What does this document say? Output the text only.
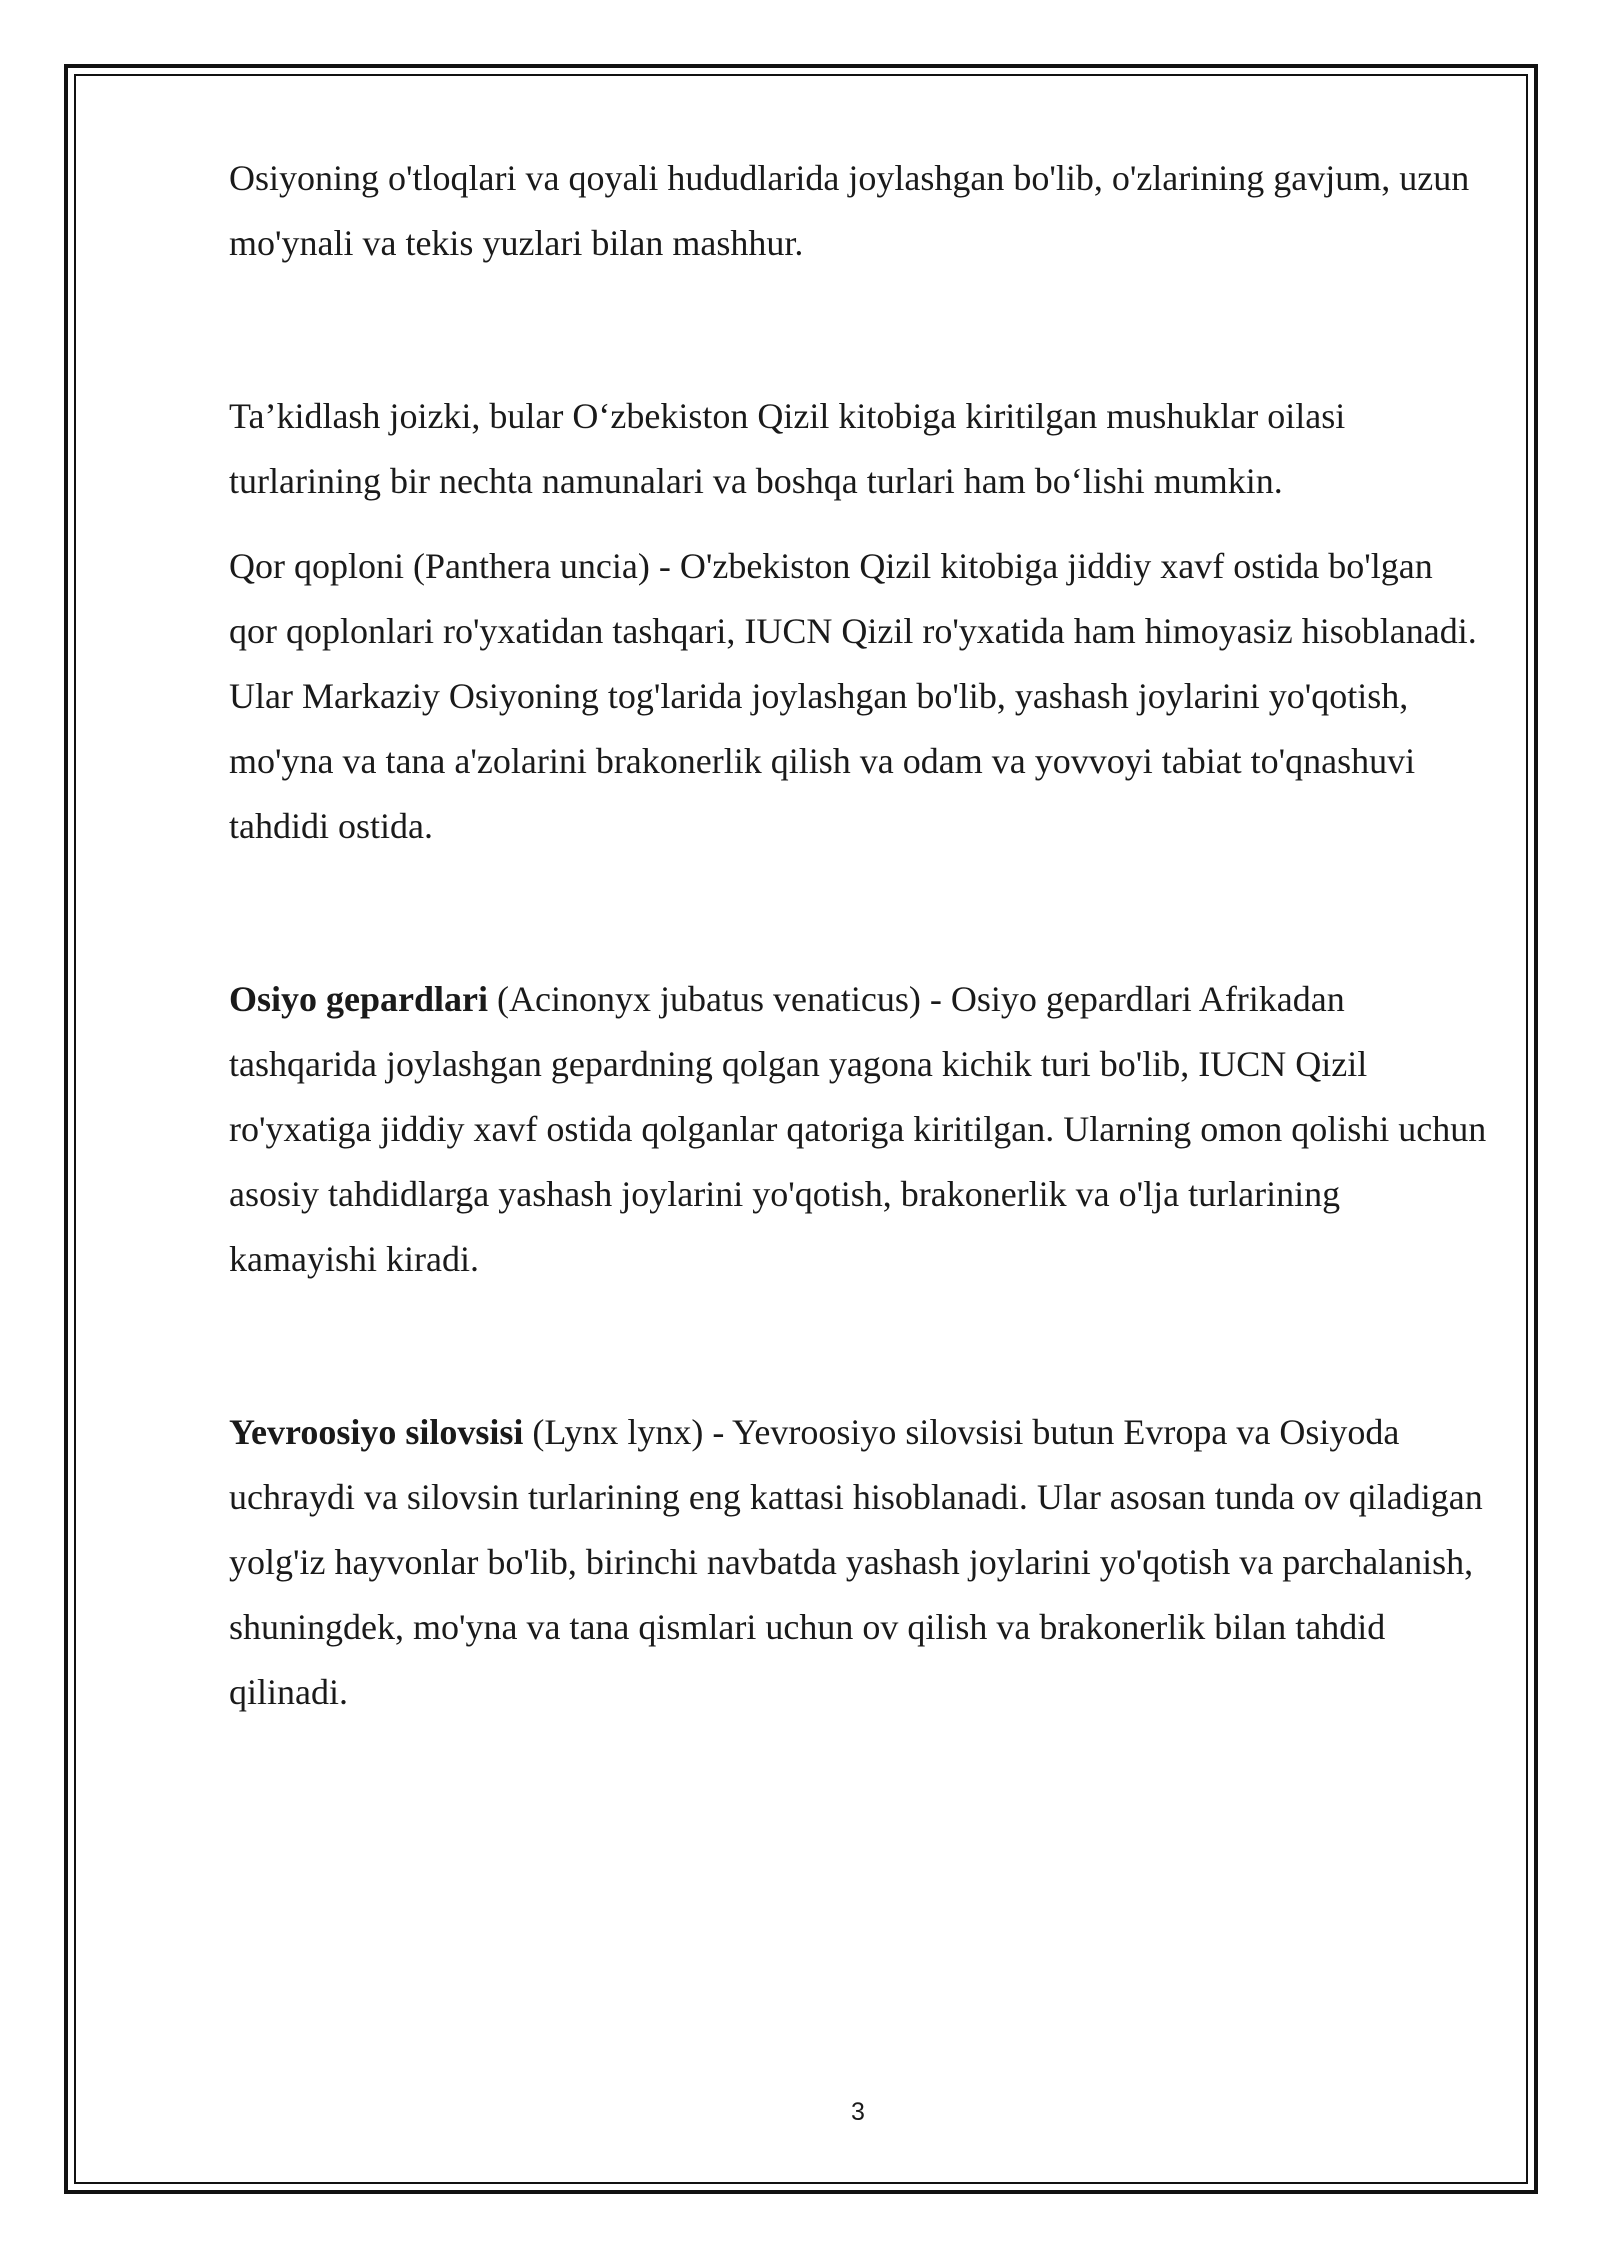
Osiyoning o'tloqlari va qoyali hududlarida joylashgan bo'lib, o'zlarining gavjum, uzun mo'ynali va tekis yuzlari bilan mashhur.

Ta’kidlash joizki, bular O‘zbekiston Qizil kitobiga kiritilgan mushuklar oilasi turlarining bir nechta namunalari va boshqa turlari ham bo‘lishi mumkin.

Qor qoploni (Panthera uncia) - O'zbekiston Qizil kitobiga jiddiy xavf ostida bo'lgan qor qoplonlari ro'yxatidan tashqari, IUCN Qizil ro'yxatida ham himoyasiz hisoblanadi. Ular Markaziy Osiyoning tog'larida joylashgan bo'lib, yashash joylarini yo'qotish, mo'yna va tana a'zolarini brakonerlik qilish va odam va yovvoyi tabiat to'qnashuvi tahdidi ostida.

Osiyo gepardlari (Acinonyx jubatus venaticus) - Osiyo gepardlari Afrikadan tashqarida joylashgan gepardning qolgan yagona kichik turi bo'lib, IUCN Qizil ro'yxatiga jiddiy xavf ostida qolganlar qatoriga kiritilgan. Ularning omon qolishi uchun asosiy tahdidlarga yashash joylarini yo'qotish, brakonerlik va o'lja turlarining kamayishi kiradi.

Yevroosiyo silovsisi (Lynx lynx) - Yevroosiyo silovsisi butun Evropa va Osiyoda uchraydi va silovsin turlarining eng kattasi hisoblanadi. Ular asosan tunda ov qiladigan yolg'iz hayvonlar bo'lib, birinchi navbatda yashash joylarini yo'qotish va parchalanish, shuningdek, mo'yna va tana qismlari uchun ov qilish va brakonerlik bilan tahdid qilinadi.

3
